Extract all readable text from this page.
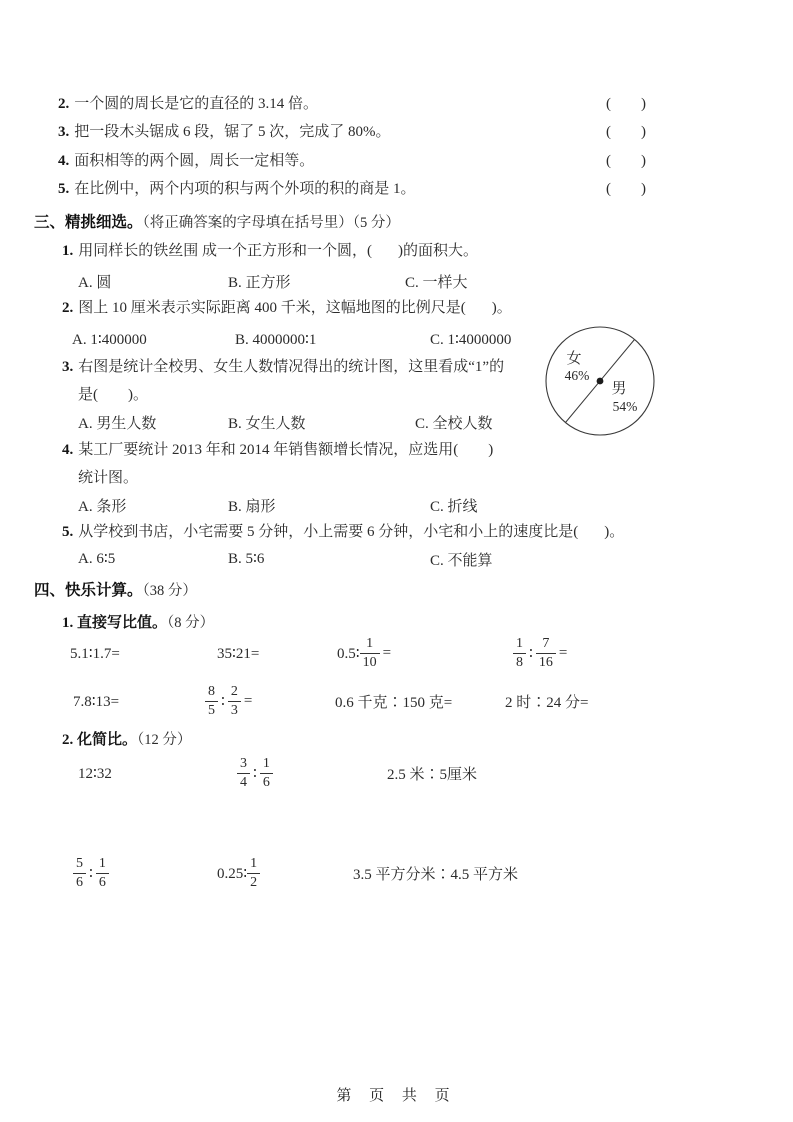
2. 一个圆的周长是它的直径的 3.14 倍。	( )
3. 把一段木头锯成 6 段，锯了 5 次，完成了 80%。	( )
4. 面积相等的两个圆，周长一定相等。	( )
5. 在比例中，两个内项的积与两个外项的积的商是 1。	( )
三、精挑细选。（将正确答案的字母填在括号里）（5 分）
1. 用同样长的铁丝围 成一个正方形和一个圆，( )的面积大。
A. 圆	B. 正方形	C. 一样大
2. 图上 10 厘米表示实际距离 400 千米，这幅地图的比例尺是( )。
A. 1∶400000	B. 4000000∶1	C. 1∶4000000
3. 右图是统计全校男、女生人数情况得出的统计图，这里看成“1”的
是( )。
A. 男生人数	B. 女生人数	C. 全校人数
女
46%
男
54%
4. 某工厂要统计 2013 年和 2014 年销售额增长情况，应选用( )
统计图。
A. 条形	B. 扇形	C. 折线
5. 从学校到书店，小宅需要 5 分钟，小上需要 6 分钟，小宅和小上的速度比是( )。
A. 6∶5	B. 5∶6	C. 不能算
四、快乐计算。（38 分）
1. 直接写比值。（8 分）
5.1∶1.7=	35∶21=	0.5∶ $\frac{1}{10}$ =	$\frac{1}{8}$ ∶ $\frac{7}{16}$ =
7.8∶13=	$\frac{8}{5}$ ∶ $\frac{2}{3}$ =	0.6 千克∶150 克=	2 时∶24 分=
2. 化简比。（12 分）
12∶32	$\frac{3}{4}$ ∶ $\frac{1}{6}$	2.5 米∶5厘米
$\frac{5}{6}$ ∶ $\frac{1}{6}$	0.25∶ $\frac{1}{2}$	3.5 平方分米∶4.5 平方米
第 页 共 页
